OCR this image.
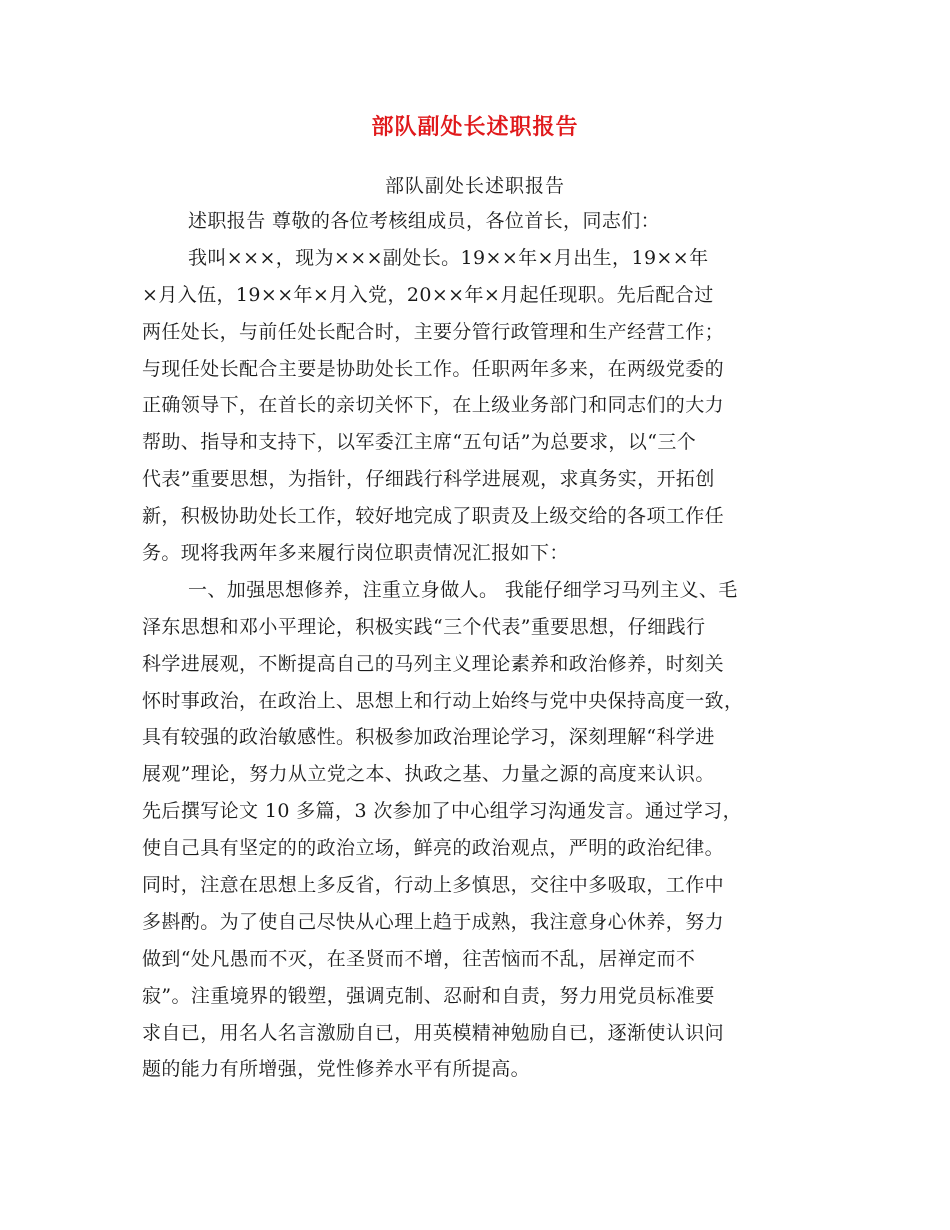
部队副处长述职报告
部队副处长述职报告
述职报告 尊敬的各位考核组成员，各位首长，同志们：
我叫×××，现为×××副处长。19××年×月出生，19××年
×月入伍，19××年×月入党，20××年×月起任现职。先后配合过
两任处长，与前任处长配合时，主要分管行政管理和生产经营工作；
与现任处长配合主要是协助处长工作。任职两年多来，在两级党委的
正确领导下，在首长的亲切关怀下，在上级业务部门和同志们的大力
帮助、指导和支持下，以军委江主席“五句话”为总要求，以“三个
代表”重要思想，为指针，仔细践行科学进展观，求真务实，开拓创
新，积极协助处长工作，较好地完成了职责及上级交给的各项工作任
务。现将我两年多来履行岗位职责情况汇报如下：
一、加强思想修养，注重立身做人。 我能仔细学习马列主义、毛
泽东思想和邓小平理论，积极实践“三个代表”重要思想，仔细践行
科学进展观，不断提高自己的马列主义理论素养和政治修养，时刻关
怀时事政治，在政治上、思想上和行动上始终与党中央保持高度一致，
具有较强的政治敏感性。积极参加政治理论学习，深刻理解“科学进
展观”理论，努力从立党之本、执政之基、力量之源的高度来认识。
先后撰写论文 10 多篇，3 次参加了中心组学习沟通发言。通过学习，
使自己具有坚定的的政治立场，鲜亮的政治观点，严明的政治纪律。
同时，注意在思想上多反省，行动上多慎思，交往中多吸取，工作中
多斟酌。为了使自己尽快从心理上趋于成熟，我注意身心休养，努力
做到“处凡愚而不灭，在圣贤而不增，往苦恼而不乱，居禅定而不
寂”。注重境界的锻塑，强调克制、忍耐和自责，努力用党员标准要
求自已，用名人名言激励自已，用英模精神勉励自已，逐渐使认识问
题的能力有所增强，党性修养水平有所提高。
